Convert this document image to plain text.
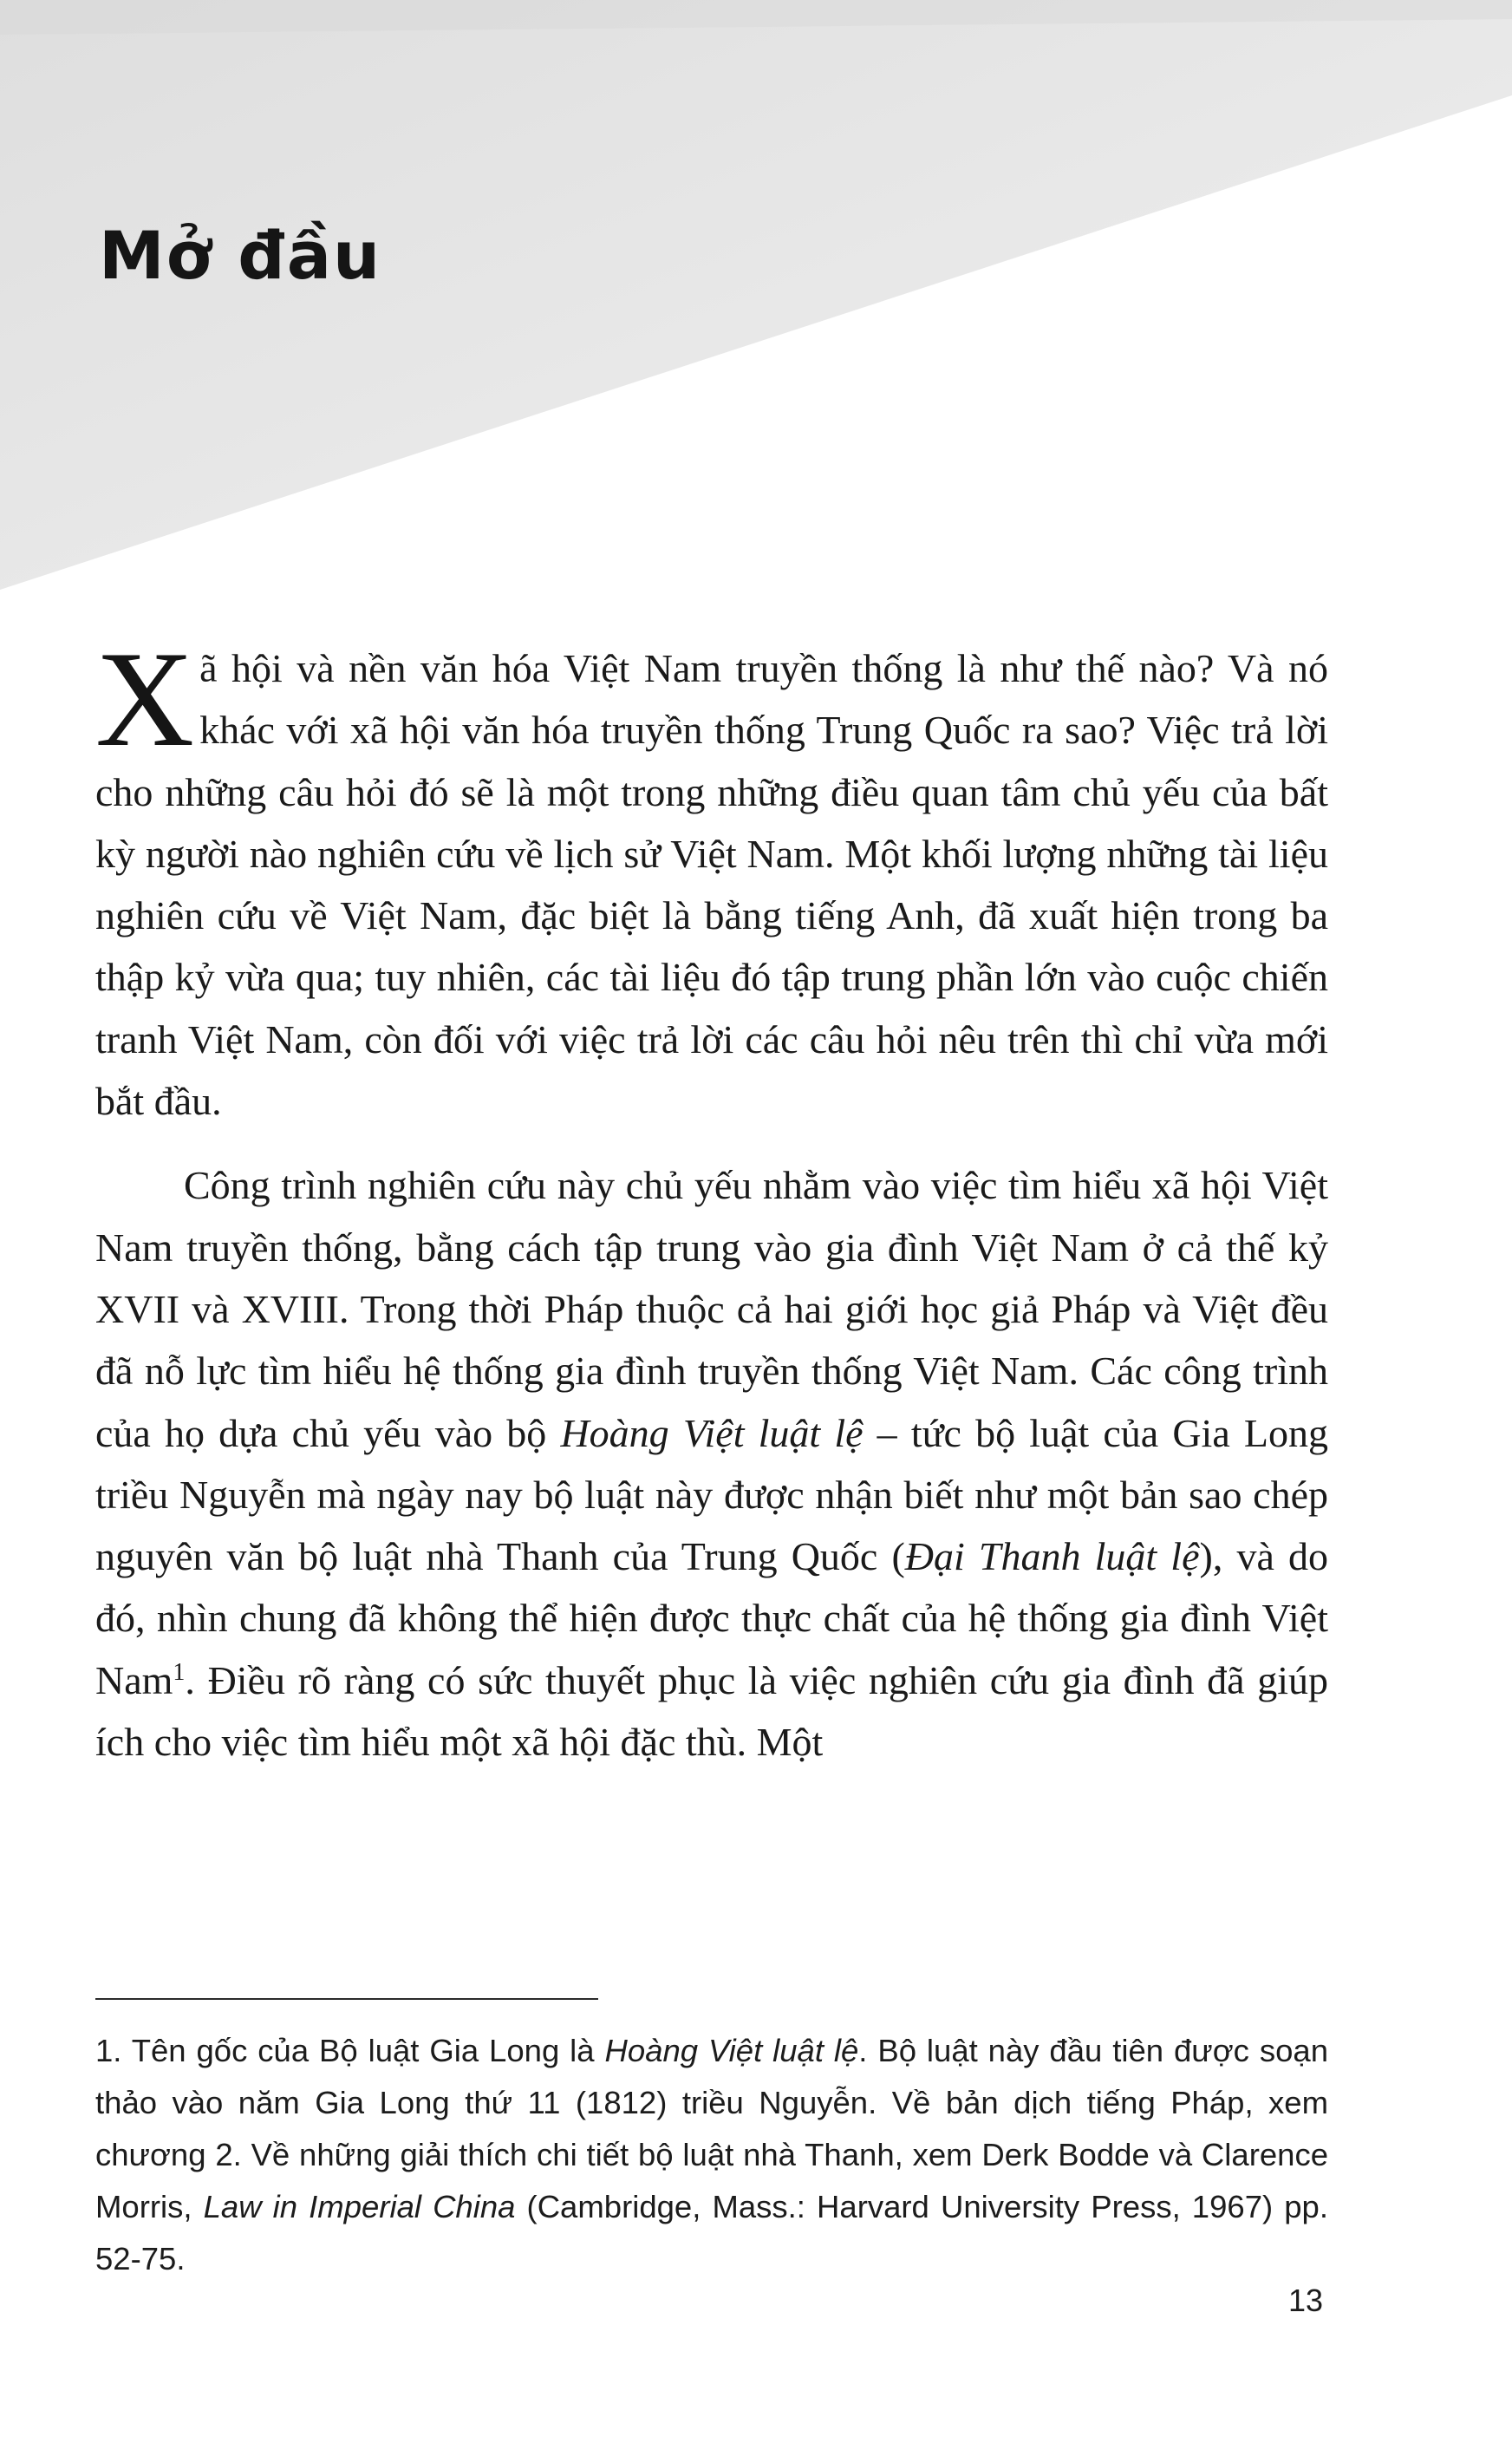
Mở đầu

Xã hội và nền văn hóa Việt Nam truyền thống là như thế nào? Và nó khác với xã hội văn hóa truyền thống Trung Quốc ra sao? Việc trả lời cho những câu hỏi đó sẽ là một trong những điều quan tâm chủ yếu của bất kỳ người nào nghiên cứu về lịch sử Việt Nam. Một khối lượng những tài liệu nghiên cứu về Việt Nam, đặc biệt là bằng tiếng Anh, đã xuất hiện trong ba thập kỷ vừa qua; tuy nhiên, các tài liệu đó tập trung phần lớn vào cuộc chiến tranh Việt Nam, còn đối với việc trả lời các câu hỏi nêu trên thì chỉ vừa mới bắt đầu.

Công trình nghiên cứu này chủ yếu nhằm vào việc tìm hiểu xã hội Việt Nam truyền thống, bằng cách tập trung vào gia đình Việt Nam ở cả thế kỷ XVII và XVIII. Trong thời Pháp thuộc cả hai giới học giả Pháp và Việt đều đã nỗ lực tìm hiểu hệ thống gia đình truyền thống Việt Nam. Các công trình của họ dựa chủ yếu vào bộ Hoàng Việt luật lệ – tức bộ luật của Gia Long triều Nguyễn mà ngày nay bộ luật này được nhận biết như một bản sao chép nguyên văn bộ luật nhà Thanh của Trung Quốc (Đại Thanh luật lệ), và do đó, nhìn chung đã không thể hiện được thực chất của hệ thống gia đình Việt Nam$^1$. Điều rõ ràng có sức thuyết phục là việc nghiên cứu gia đình đã giúp ích cho việc tìm hiểu một xã hội đặc thù. Một

1. Tên gốc của Bộ luật Gia Long là Hoàng Việt luật lệ. Bộ luật này đầu tiên được soạn thảo vào năm Gia Long thứ 11 (1812) triều Nguyễn. Về bản dịch tiếng Pháp, xem chương 2. Về những giải thích chi tiết bộ luật nhà Thanh, xem Derk Bodde và Clarence Morris, Law in Imperial China (Cambridge, Mass.: Harvard University Press, 1967) pp. 52-75.

13
